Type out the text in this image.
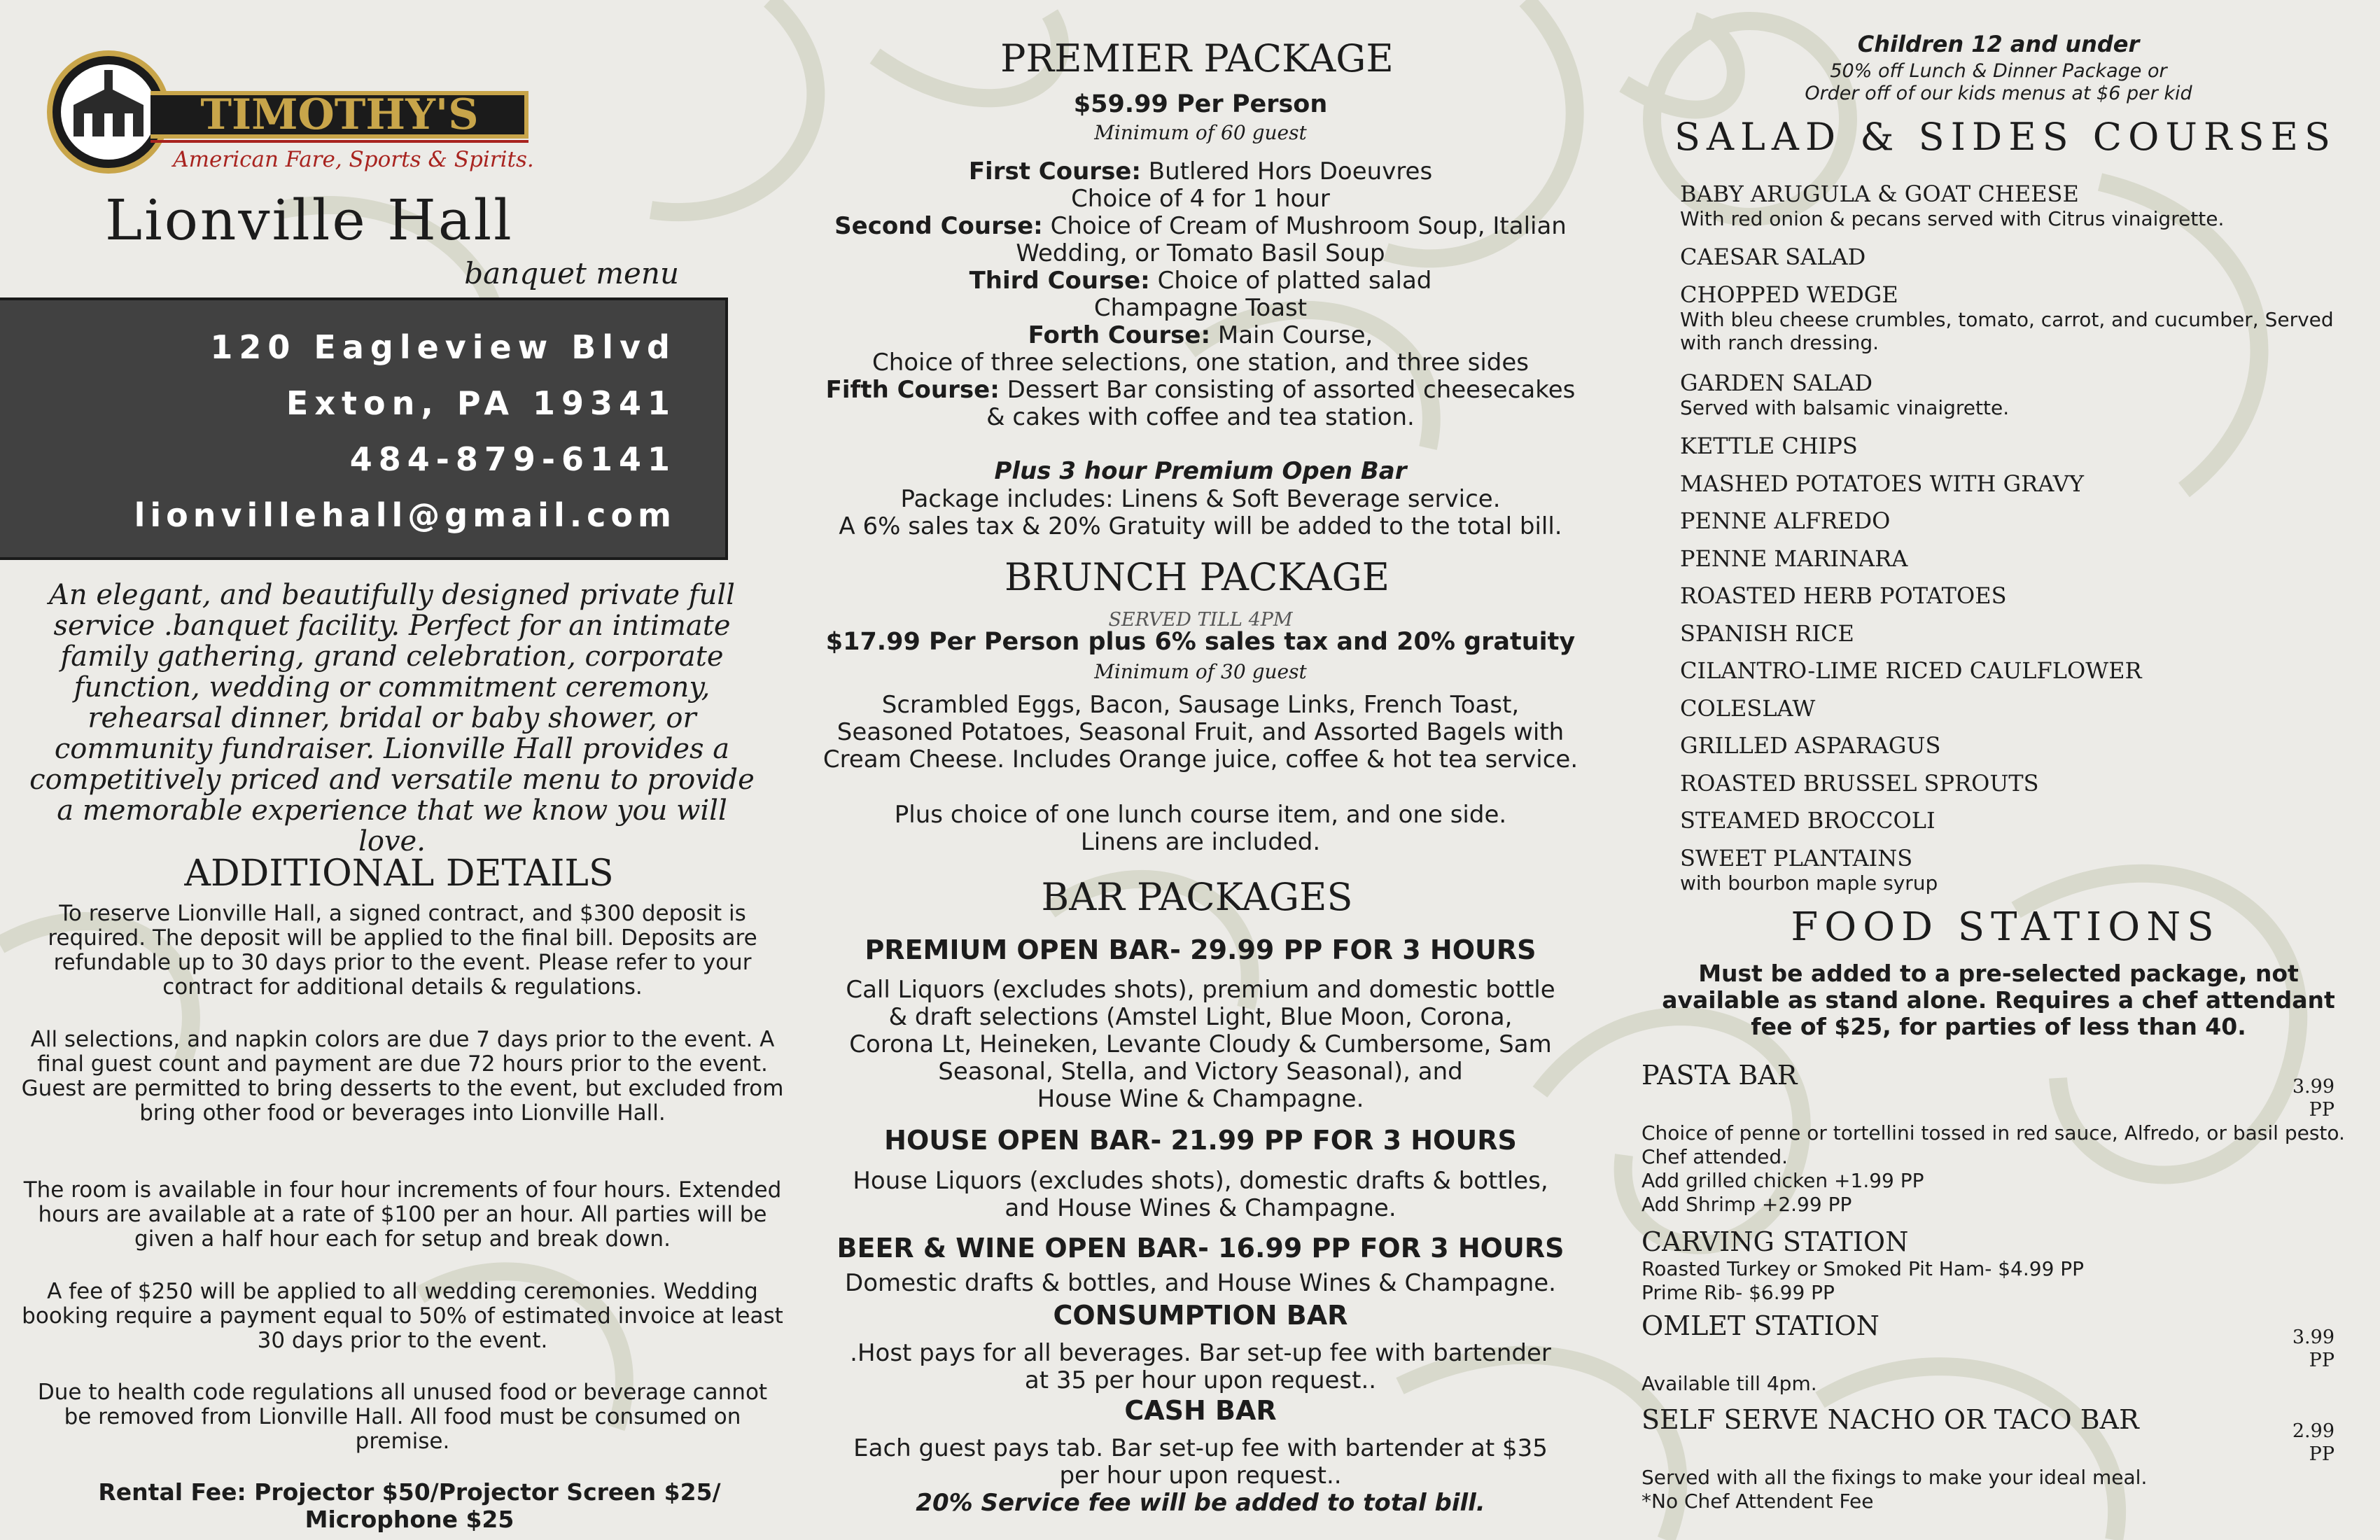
TIMOTHY'S
American Fare, Sports & Spirits.
Lionville Hall
banquet menu
120 Eagleview Blvd
Exton, PA 19341
484-879-6141
lionvillehall@gmail.com
An elegant, and beautifully designed private full service .banquet facility. Perfect for an intimate family gathering, grand celebration, corporate function, wedding or commitment ceremony, rehearsal dinner, bridal or baby shower, or community fundraiser. Lionville Hall provides a competitively priced and versatile menu to provide a memorable experience that we know you will love.
ADDITIONAL DETAILS

To reserve Lionville Hall, a signed contract, and $300 deposit is required. The deposit will be applied to the final bill. Deposits are refundable up to 30 days prior to the event. Please refer to your contract for additional details & regulations.

All selections, and napkin colors are due 7 days prior to the event. A final guest count and payment are due 72 hours prior to the event. Guest are permitted to bring desserts to the event, but excluded from bring other food or beverages into Lionville Hall.

The room is available in four hour increments of four hours. Extended hours are available at a rate of $100 per an hour. All parties will be given a half hour each for setup and break down.

A fee of $250 will be applied to all wedding ceremonies. Wedding booking require a payment equal to 50% of estimated invoice at least 30 days prior to the event.

Due to health code regulations all unused food or beverage cannot be removed from Lionville Hall. All food must be consumed on premise.

Rental Fee: Projector $50/Projector Screen $25/ Microphone $25
PREMIER PACKAGE
$59.99 Per Person
Minimum of 60 guest
First Course: Butlered Hors Doeuvres
Choice of 4 for 1 hour
Second Course: Choice of Cream of Mushroom Soup, Italian
Wedding, or Tomato Basil Soup
Third Course: Choice of platted salad
Champagne Toast
Forth Course: Main Course,
Choice of three selections, one station, and three sides
Fifth Course: Dessert Bar consisting of assorted cheesecakes
& cakes with coffee and tea station.
Plus 3 hour Premium Open Bar
Package includes: Linens & Soft Beverage service.
A 6% sales tax & 20% Gratuity will be added to the total bill.
BRUNCH PACKAGE
SERVED TILL 4PM
$17.99 Per Person plus 6% sales tax and 20% gratuity
Minimum of 30 guest
Scrambled Eggs, Bacon, Sausage Links, French Toast,
Seasoned Potatoes, Seasonal Fruit, and Assorted Bagels with
Cream Cheese. Includes Orange juice, coffee & hot tea service.
Plus choice of one lunch course item, and one side.
Linens are included.
BAR PACKAGES
PREMIUM OPEN BAR- 29.99 PP FOR 3 HOURS
Call Liquors (excludes shots), premium and domestic bottle
& draft selections (Amstel Light, Blue Moon, Corona,
Corona Lt, Heineken, Levante Cloudy & Cumbersome, Sam
Seasonal, Stella, and Victory Seasonal), and
House Wine & Champagne.
HOUSE OPEN BAR- 21.99 PP FOR 3 HOURS
House Liquors (excludes shots), domestic drafts & bottles,
and House Wines & Champagne.
BEER & WINE OPEN BAR- 16.99 PP FOR 3 HOURS
Domestic drafts & bottles, and House Wines & Champagne.
CONSUMPTION BAR
.Host pays for all beverages. Bar set-up fee with bartender
at 35 per hour upon request..
CASH BAR
Each guest pays tab. Bar set-up fee with bartender at $35
per hour upon request..
20% Service fee will be added to total bill.
Children 12 and under
50% off Lunch & Dinner Package or
Order off of our kids menus at $6 per kid
SALAD & SIDES COURSES
BABY ARUGULA & GOAT CHEESE
With red onion & pecans served with Citrus vinaigrette.
CAESAR SALAD
CHOPPED WEDGE
With bleu cheese crumbles, tomato, carrot, and cucumber, Served with ranch dressing.
GARDEN SALAD
Served with balsamic vinaigrette.
KETTLE CHIPS
MASHED POTATOES WITH GRAVY
PENNE ALFREDO
PENNE MARINARA
ROASTED HERB POTATOES
SPANISH RICE
CILANTRO-LIME RICED CAULFLOWER
COLESLAW
GRILLED ASPARAGUS
ROASTED BRUSSEL SPROUTS
STEAMED BROCCOLI
SWEET PLANTAINS
with bourbon maple syrup
FOOD STATIONS
Must be added to a pre-selected package, not available as stand alone. Requires a chef attendant fee of $25, for parties of less than 40.
PASTA BAR	3.99
PP
Choice of penne or tortellini tossed in red sauce, Alfredo, or basil pesto. Chef attended.
Add grilled chicken +1.99 PP
Add Shrimp +2.99 PP
CARVING STATION
Roasted Turkey or Smoked Pit Ham- $4.99 PP
Prime Rib- $6.99 PP
OMLET STATION	3.99
PP
Available till 4pm.
SELF SERVE NACHO OR TACO BAR	2.99
PP
Served with all the fixings to make your ideal meal.
*No Chef Attendent Fee
